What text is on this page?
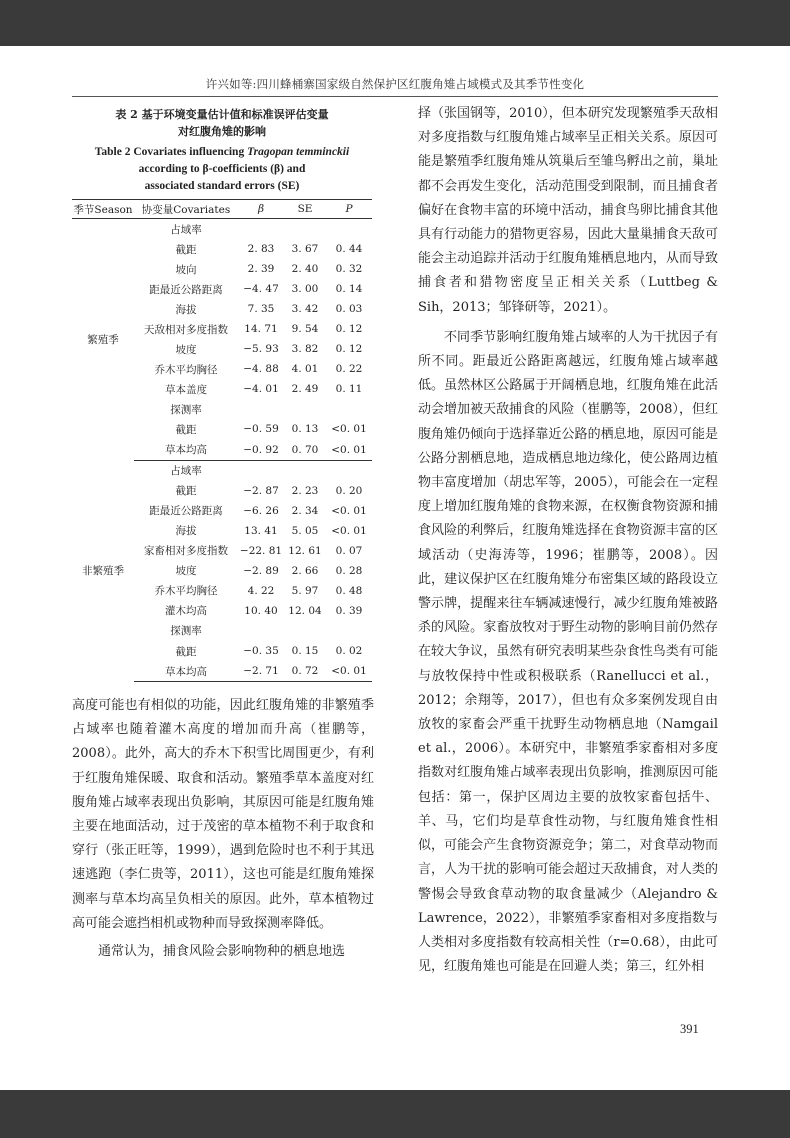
许兴如等:四川蜂桶寨国家级自然保护区红腹角雉占域模式及其季节性变化
表 2 基于环境变量估计值和标准误评估变量
对红腹角雉的影响
Table 2 Covariates influencing Tragopan temminckii
according to β-coefficients (β) and
associated standard errors (SE)
季节Season	协变量Covariates	β	SE	P
繁殖季	占域率			
	截距	2. 83	3. 67	0. 44
	坡向	2. 39	2. 40	0. 32
	距最近公路距离	−4. 47	3. 00	0. 14
	海拔	7. 35	3. 42	0. 03
	天敌相对多度指数	14. 71	9. 54	0. 12
	坡度	−5. 93	3. 82	0. 12
	乔木平均胸径	−4. 88	4. 01	0. 22
	草本盖度	−4. 01	2. 49	0. 11
	探测率			
	截距	−0. 59	0. 13	<0. 01
	草本均高	−0. 92	0. 70	<0. 01
非繁殖季	占域率			
	截距	−2. 87	2. 23	0. 20
	距最近公路距离	−6. 26	2. 34	<0. 01
	海拔	13. 41	5. 05	<0. 01
	家畜相对多度指数	−22. 81	12. 61	0. 07
	坡度	−2. 89	2. 66	0. 28
	乔木平均胸径	4. 22	5. 97	0. 48
	灌木均高	10. 40	12. 04	0. 39
	探测率			
	截距	−0. 35	0. 15	0. 02
	草本均高	−2. 71	0. 72	<0. 01

高度可能也有相似的功能，因此红腹角雉的非繁殖季占域率也随着灌木高度的增加而升高（崔鹏等，2008）。此外，高大的乔木下积雪比周围更少，有利于红腹角雉保暖、取食和活动。繁殖季草本盖度对红腹角雉占域率表现出负影响，其原因可能是红腹角雉主要在地面活动，过于茂密的草本植物不利于取食和穿行（张正旺等，1999），遇到危险时也不利于其迅速逃跑（李仁贵等，2011），这也可能是红腹角雉探测率与草本均高呈负相关的原因。此外，草本植物过高可能会遮挡相机或物种而导致探测率降低。

通常认为，捕食风险会影响物种的栖息地选

择（张国钢等，2010），但本研究发现繁殖季天敌相对多度指数与红腹角雉占域率呈正相关关系。原因可能是繁殖季红腹角雉从筑巢后至雏鸟孵出之前，巢址都不会再发生变化，活动范围受到限制，而且捕食者偏好在食物丰富的环境中活动，捕食鸟卵比捕食其他具有行动能力的猎物更容易，因此大量巢捕食天敌可能会主动追踪并活动于红腹角雉栖息地内，从而导致捕食者和猎物密度呈正相关关系（Luttbeg & Sih，2013；邹锋研等，2021）。

不同季节影响红腹角雉占域率的人为干扰因子有所不同。距最近公路距离越远，红腹角雉占域率越低。虽然林区公路属于开阔栖息地，红腹角雉在此活动会增加被天敌捕食的风险（崔鹏等，2008），但红腹角雉仍倾向于选择靠近公路的栖息地，原因可能是公路分割栖息地，造成栖息地边缘化，使公路周边植物丰富度增加（胡忠军等，2005），可能会在一定程度上增加红腹角雉的食物来源，在权衡食物资源和捕食风险的利弊后，红腹角雉选择在食物资源丰富的区域活动（史海涛等，1996；崔鹏等，2008）。因此，建议保护区在红腹角雉分布密集区域的路段设立警示牌，提醒来往车辆减速慢行，减少红腹角雉被路杀的风险。家畜放牧对于野生动物的影响目前仍然存在较大争议，虽然有研究表明某些杂食性鸟类有可能与放牧保持中性或积极联系（Ranellucci et al.，2012；余翔等，2017），但也有众多案例发现自由放牧的家畜会严重干扰野生动物栖息地（Namgail et al.，2006）。本研究中，非繁殖季家畜相对多度指数对红腹角雉占域率表现出负影响，推测原因可能包括：第一，保护区周边主要的放牧家畜包括牛、羊、马，它们均是草食性动物，与红腹角雉食性相似，可能会产生食物资源竞争；第二，对食草动物而言，人为干扰的影响可能会超过天敌捕食，对人类的警惕会导致食草动物的取食量减少（Alejandro & Lawrence，2022），非繁殖季家畜相对多度指数与人类相对多度指数有较高相关性（r=0.68），由此可见，红腹角雉也可能是在回避人类；第三，红外相

391
